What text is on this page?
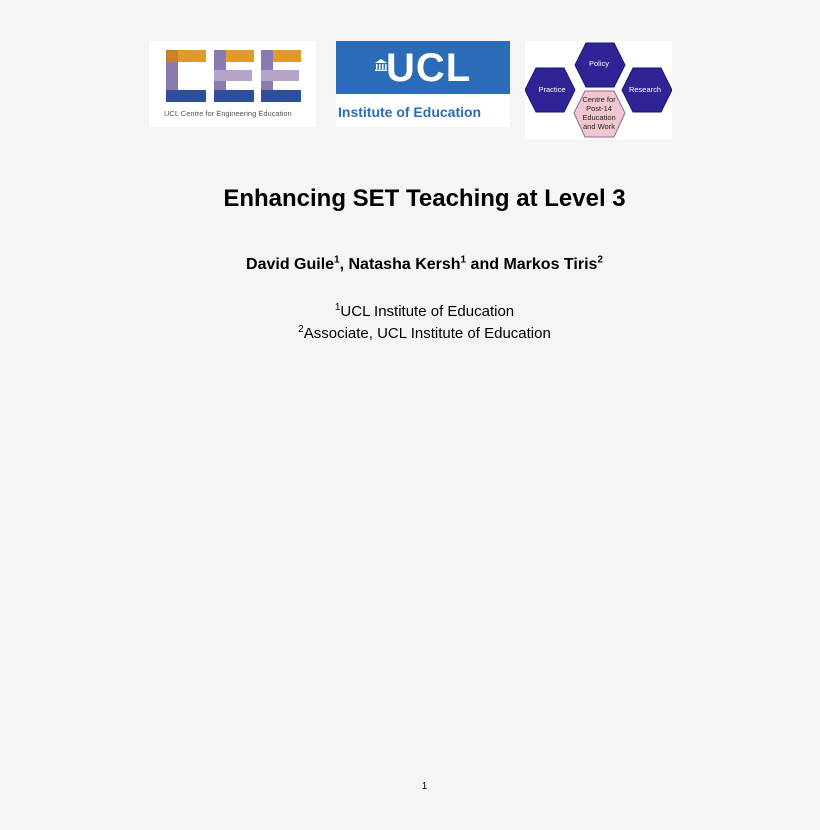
UCL Centre for Engineering Education
UCL
Institute of Education
Policy
Practice	Research
Centre for
Post-14
Education
and Work
Enhancing SET Teaching at Level 3
David Guile$^1$, Natasha Kersh$^1$ and Markos Tiris$^2$
$^1$UCL Institute of Education
$^2$Associate, UCL Institute of Education
1
